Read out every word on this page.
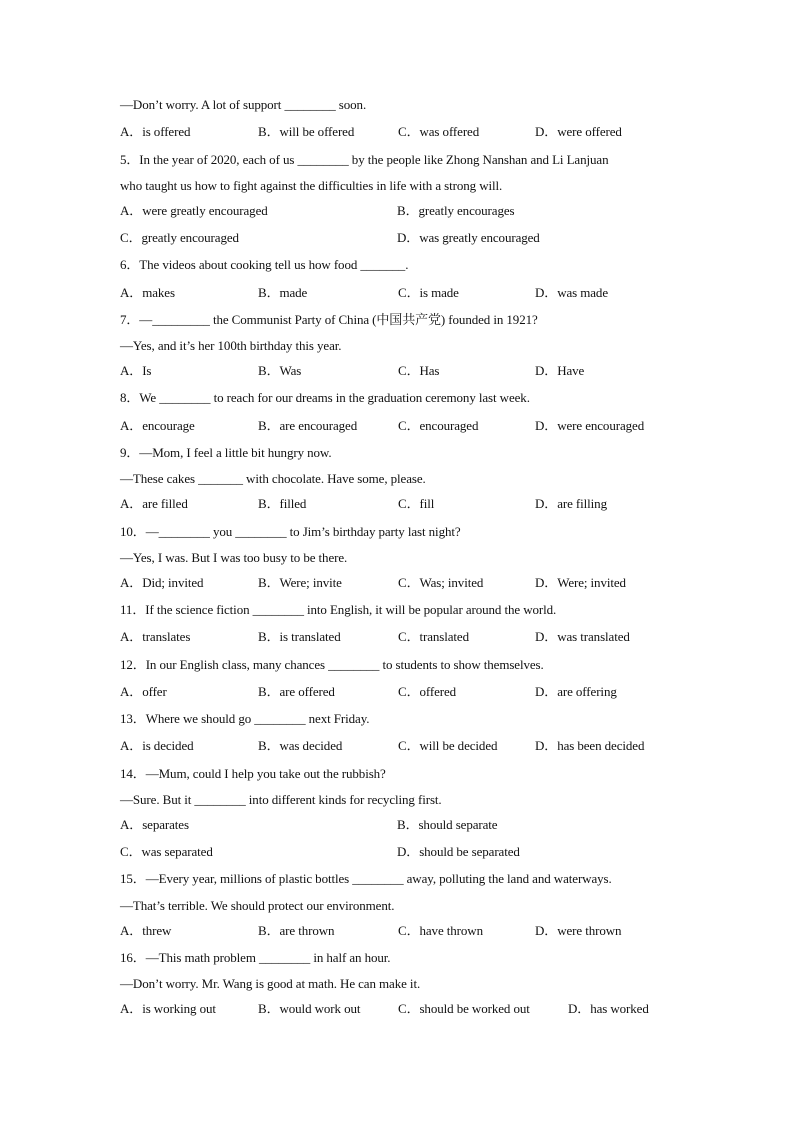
—Don’t worry. A lot of support ________ soon.
A．is offered	B．will be offered	C．was offered	D．were offered
5．In the year of 2020, each of us ________ by the people like Zhong Nanshan and Li Lanjuan
who taught us how to fight against the difficulties in life with a strong will.
A．were greatly encouraged	B．greatly encourages
C．greatly encouraged	D．was greatly encouraged
6．The videos about cooking tell us how food _______.
A．makes	B．made	C．is made	D．was made
7．—_________ the Communist Party of China (中国共产党) founded in 1921?
—Yes, and it’s her 100th birthday this year.
A．Is	B．Was	C．Has	D．Have
8．We ________ to reach for our dreams in the graduation ceremony last week.
A．encourage	B．are encouraged	C．encouraged	D．were encouraged
9．—Mom, I feel a little bit hungry now.
—These cakes _______ with chocolate. Have some, please.
A．are filled	B．filled	C．fill	D．are filling
10．—________ you ________ to Jim’s birthday party last night?
—Yes, I was. But I was too busy to be there.
A．Did; invited	B．Were; invite	C．Was; invited	D．Were; invited
11．If the science fiction ________ into English, it will be popular around the world.
A．translates	B．is translated	C．translated	D．was translated
12．In our English class, many chances ________ to students to show themselves.
A．offer	B．are offered	C．offered	D．are offering
13．Where we should go ________ next Friday.
A．is decided	B．was decided	C．will be decided	D．has been decided
14．—Mum, could I help you take out the rubbish?
—Sure. But it ________ into different kinds for recycling first.
A．separates	B．should separate
C．was separated	D．should be separated
15．—Every year, millions of plastic bottles ________ away, polluting the land and waterways.
—That’s terrible. We should protect our environment.
A．threw	B．are thrown	C．have thrown	D．were thrown
16．—This math problem ________ in half an hour.
—Don’t worry. Mr. Wang is good at math. He can make it.
A．is working out	B．would work out	C．should be worked out	D．has worked
